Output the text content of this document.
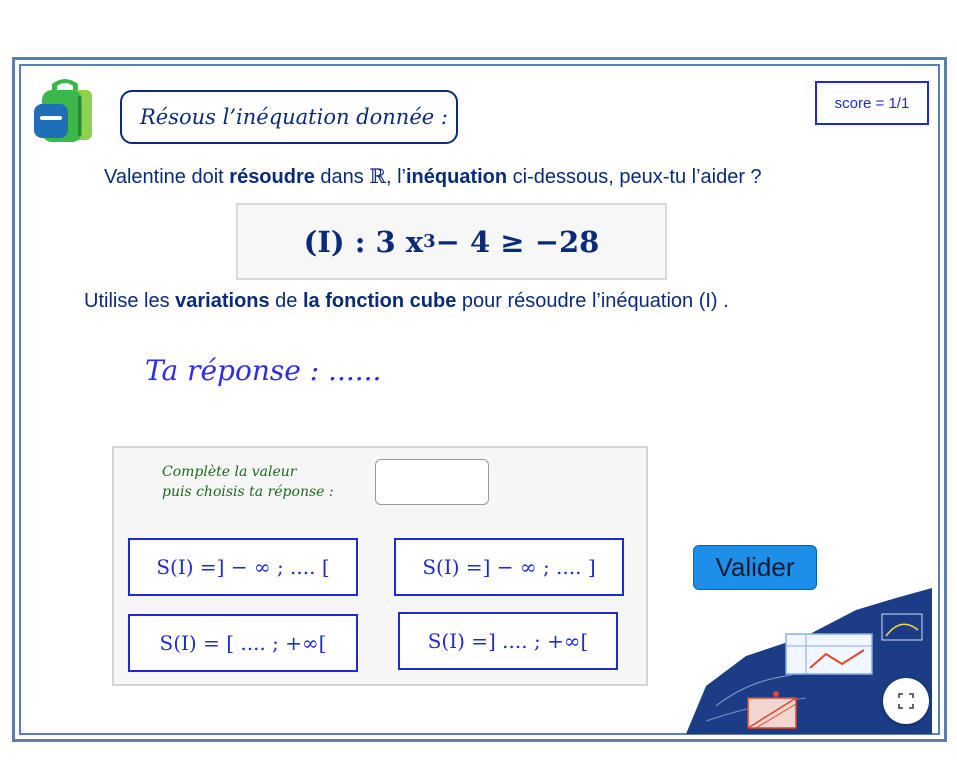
Résous l’inéquation donnée :
score = 1/1
Valentine doit résoudre dans ℝ, l’inéquation ci-dessous, peux-tu l’aider ?
(I) : 3 x 3 − 4 ≥ −28
Utilise les variations de la fonction cube pour résoudre l’inéquation (I) .
Ta réponse : ......
Complète la valeur
puis choisis ta réponse :
S(I) =] − ∞ ; .... [	S(I) =] − ∞ ; .... ]
S(I) = [ .... ; +∞[	S(I) =] .... ; +∞[
Valider
